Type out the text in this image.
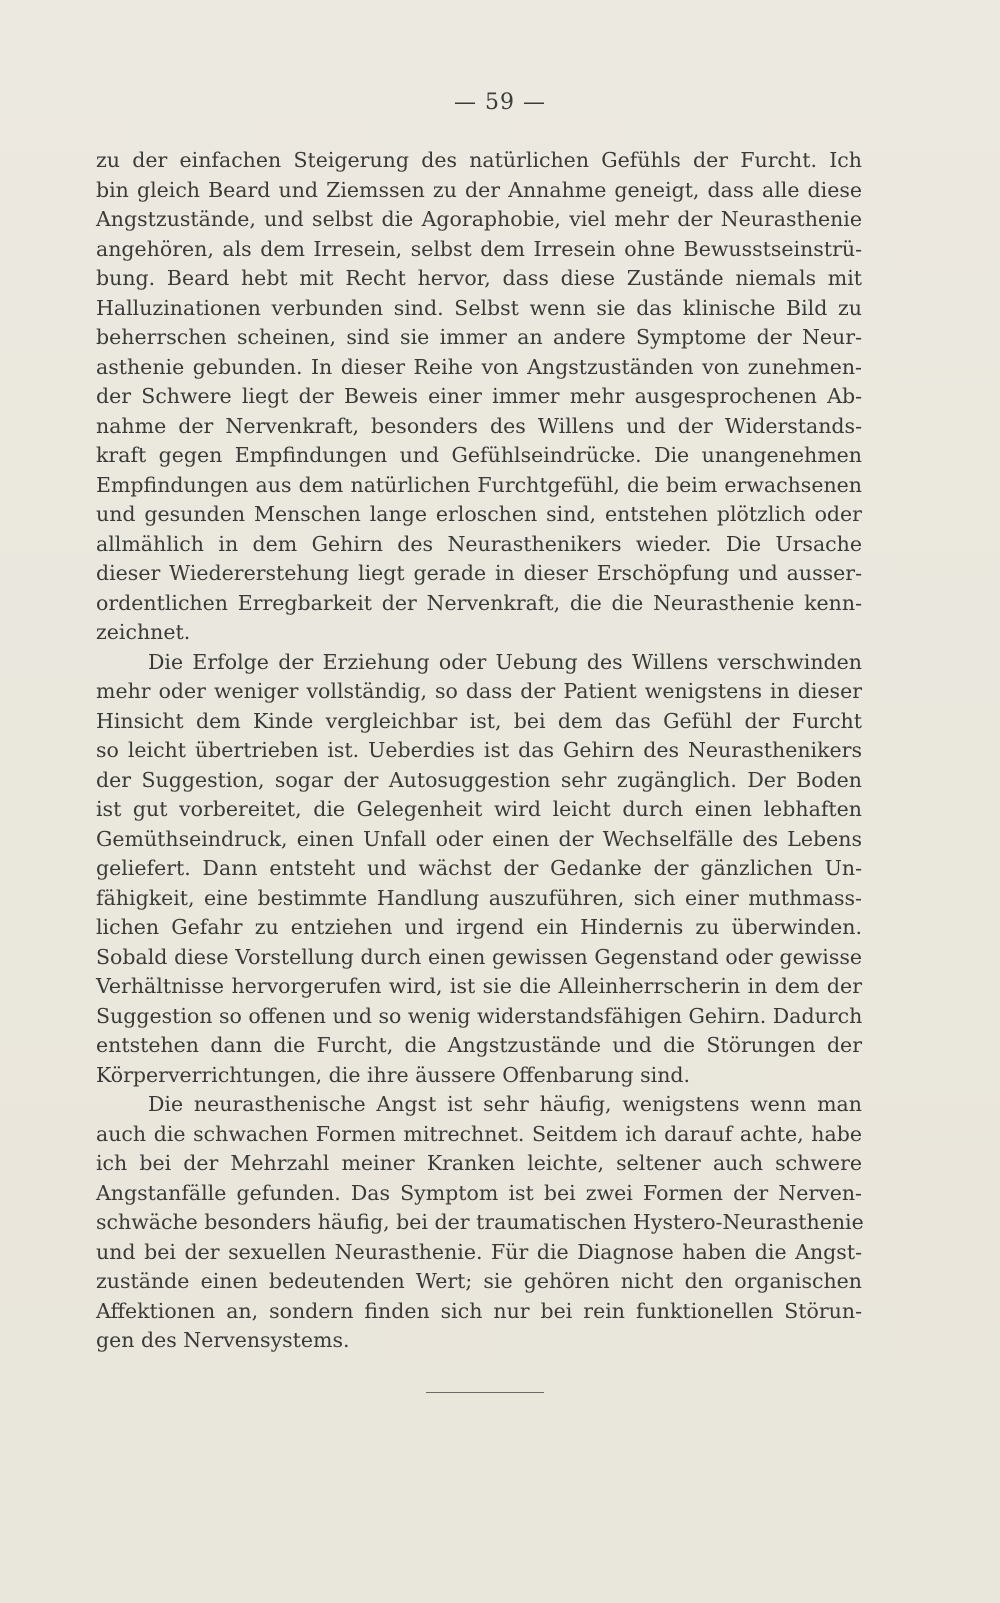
— 59 —
zu der einfachen Steigerung des natürlichen Gefühls der Furcht. Ich
bin gleich Beard und Ziemssen zu der Annahme geneigt, dass alle diese
Angstzustände, und selbst die Agoraphobie, viel mehr der Neurasthenie
angehören, als dem Irresein, selbst dem Irresein ohne Bewusstseinstrü-
bung. Beard hebt mit Recht hervor, dass diese Zustände niemals mit
Halluzinationen verbunden sind. Selbst wenn sie das klinische Bild zu
beherrschen scheinen, sind sie immer an andere Symptome der Neur-
asthenie gebunden. In dieser Reihe von Angstzuständen von zunehmen-
der Schwere liegt der Beweis einer immer mehr ausgesprochenen Ab-
nahme der Nervenkraft, besonders des Willens und der Widerstands-
kraft gegen Empfindungen und Gefühlseindrücke. Die unangenehmen
Empfindungen aus dem natürlichen Furchtgefühl, die beim erwachsenen
und gesunden Menschen lange erloschen sind, entstehen plötzlich oder
allmählich in dem Gehirn des Neurasthenikers wieder. Die Ursache
dieser Wiedererstehung liegt gerade in dieser Erschöpfung und ausser-
ordentlichen Erregbarkeit der Nervenkraft, die die Neurasthenie kenn-
zeichnet.
Die Erfolge der Erziehung oder Uebung des Willens verschwinden
mehr oder weniger vollständig, so dass der Patient wenigstens in dieser
Hinsicht dem Kinde vergleichbar ist, bei dem das Gefühl der Furcht
so leicht übertrieben ist. Ueberdies ist das Gehirn des Neurasthenikers
der Suggestion, sogar der Autosuggestion sehr zugänglich. Der Boden
ist gut vorbereitet, die Gelegenheit wird leicht durch einen lebhaften
Gemüthseindruck, einen Unfall oder einen der Wechselfälle des Lebens
geliefert. Dann entsteht und wächst der Gedanke der gänzlichen Un-
fähigkeit, eine bestimmte Handlung auszuführen, sich einer muthmass-
lichen Gefahr zu entziehen und irgend ein Hindernis zu überwinden.
Sobald diese Vorstellung durch einen gewissen Gegenstand oder gewisse
Verhältnisse hervorgerufen wird, ist sie die Alleinherrscherin in dem der
Suggestion so offenen und so wenig widerstandsfähigen Gehirn. Dadurch
entstehen dann die Furcht, die Angstzustände und die Störungen der
Körperverrichtungen, die ihre äussere Offenbarung sind.
Die neurasthenische Angst ist sehr häufig, wenigstens wenn man
auch die schwachen Formen mitrechnet. Seitdem ich darauf achte, habe
ich bei der Mehrzahl meiner Kranken leichte, seltener auch schwere
Angstanfälle gefunden. Das Symptom ist bei zwei Formen der Nerven-
schwäche besonders häufig, bei der traumatischen Hystero-Neurasthenie
und bei der sexuellen Neurasthenie. Für die Diagnose haben die Angst-
zustände einen bedeutenden Wert; sie gehören nicht den organischen
Affektionen an, sondern finden sich nur bei rein funktionellen Störun-
gen des Nervensystems.
